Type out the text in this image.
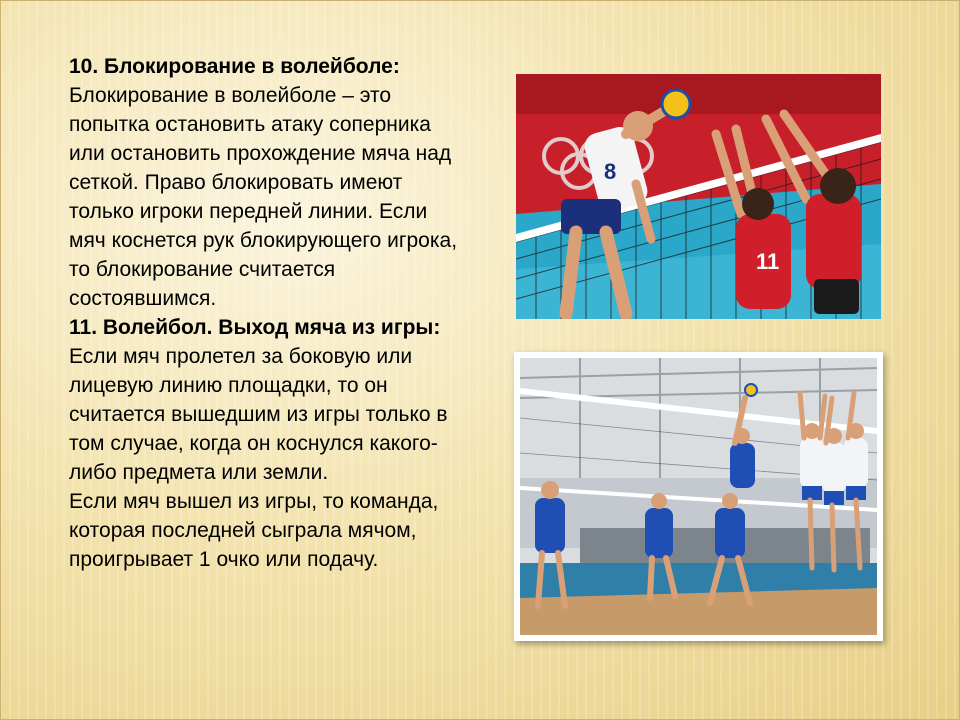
10. Блокирование в волейболе:

Блокирование в волейболе – это попытка остановить атаку соперника или остановить прохождение мяча над сеткой. Право блокировать имеют только игроки передней линии. Если мяч коснется рук блокирующего игрока, то блокирование считается состоявшимся.

11. Волейбол. Выход мяча из игры:

Если мяч пролетел за боковую или лицевую линию площадки, то он считается вышедшим из игры только в том случае, когда он коснулся какого-либо предмета или земли.

Если мяч вышел из игры, то команда, которая последней сыграла мячом, проигрывает 1 очко или подачу.

8
11
